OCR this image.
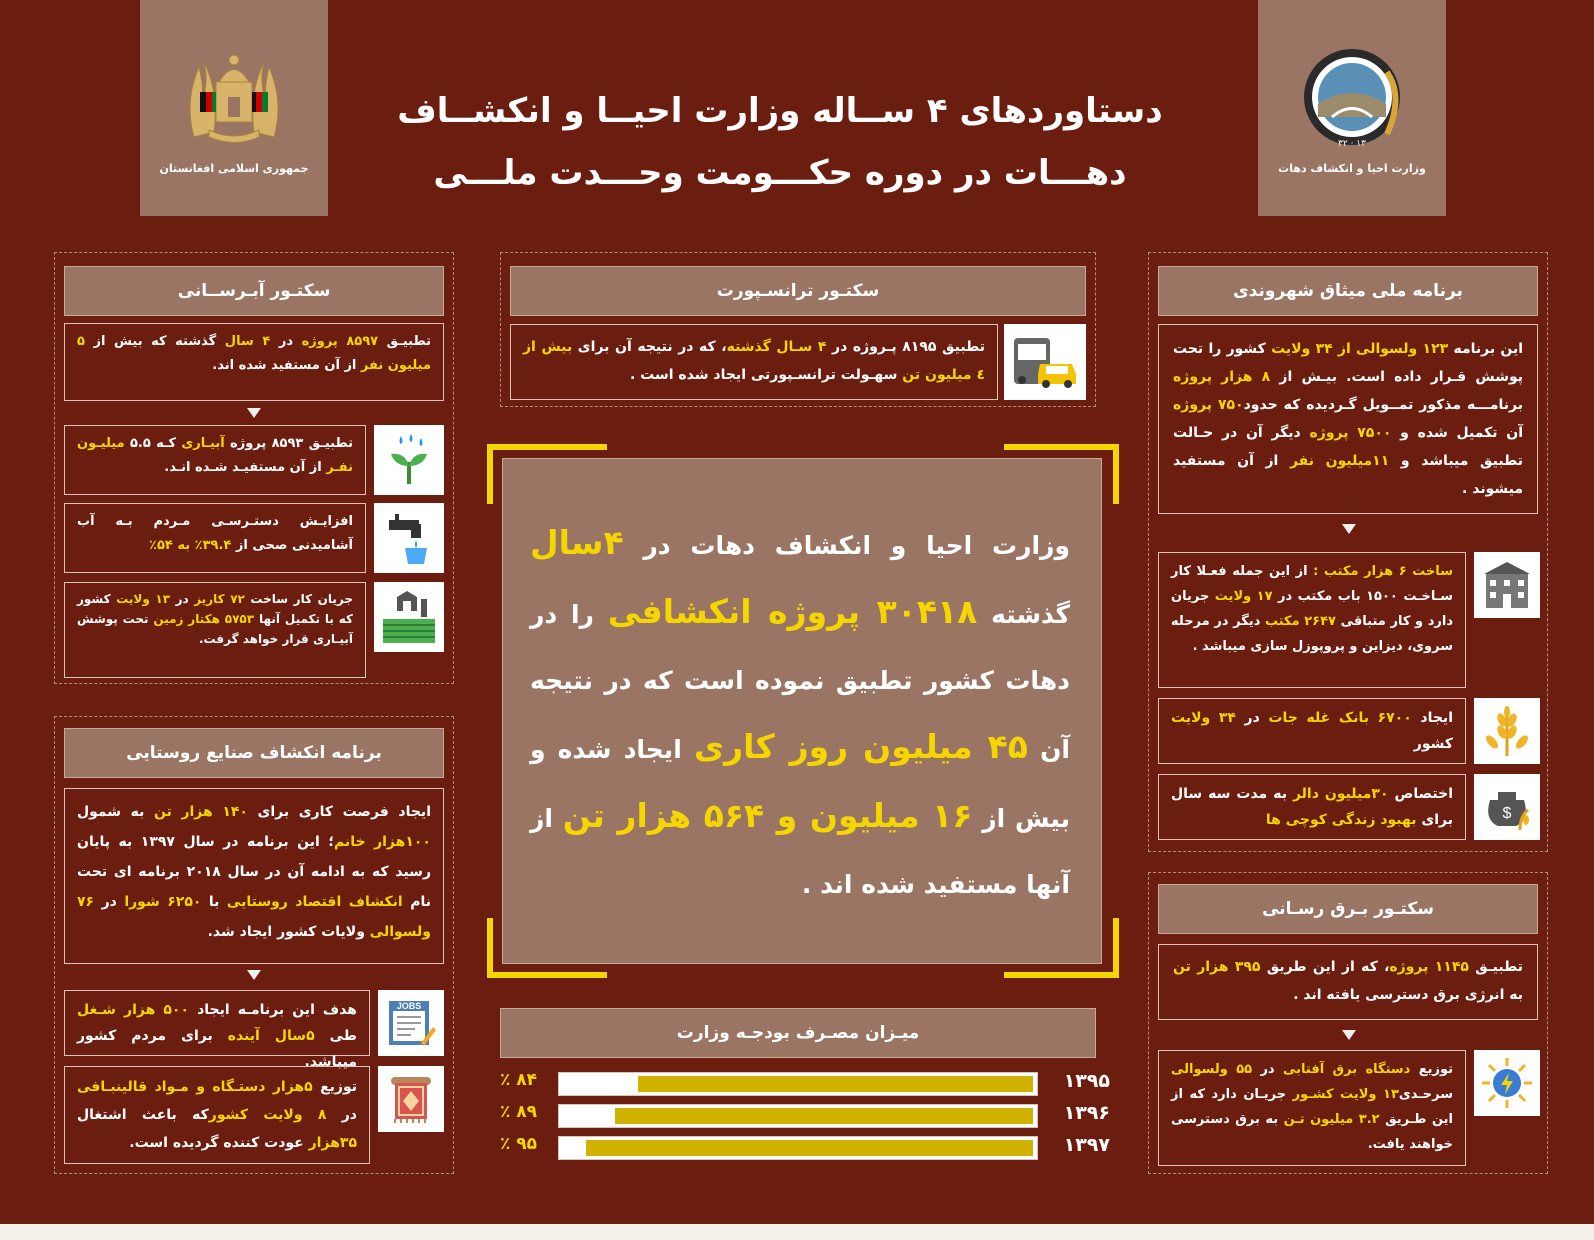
جمهوری اسلامی افغانستان
۱۳ · ۳۲
وزارت احیا و انکشاف دهات
دستاوردهای ۴ ســاله وزارت احیــا و انکشــاف
دهـــات در دوره حکـــومت وحـــدت ملـــی
سکتـور آبـرســانی
تطبیـق ۸۵۹۷ پروژه در ۴ سال گذشته که بیش از ۵ میلیون نفر از آن مستفید شده اند.
تطبیـق ۸۵۹۳ پروژه آبیـاری کـه ۵.۵ میلیـون نفـر از آن مستفیـد شـده انـد.
افزایـش دستـرسـی مـردم بـه آب آشامیدنی صحی از ۳۹.۴٪ به ۵۴٪
جریان کار ساخت ۷۲ کاریز در ۱۳ ولایت کشور که با تکمیل آنها ۵۷۵۳ هکتار زمین تحت پوشش آبیـاری قرار خواهد گرفت.
برنامه انکشاف صنایع روستایی
ایجاد فرصت کاری برای ۱۴۰ هزار تن به شمول ۱۰۰هزار خانم؛ این برنامه در سال ۱۳۹۷ به پایان رسید که به ادامه آن در سال ۲۰۱۸ برنامه ای تحت نام انکشاف اقتصاد روستایی با ۶۲۵۰ شورا در ۷۶ ولسوالی ولایات کشور ایجاد شد.
JOBS
هدف این برنامـه ایجاد ۵۰۰ هزار شـغل طی ۵سال آینده برای مردم کشور میباشد.
توزیع ۵هزار دستـگاه و مـواد قالینبـافی در ۸ ولایت کشورکه باعث اشتغال ۳۵هزار عودت کننده گردیده است.
سکتـور ترانسـپورت
تطبیق ۸۱۹۵ پـروژه در ۴ سـال گذشته، که در نتیجه آن برای بیش از ٤ میلیون تن سهـولت ترانسـپورتی ایجاد شده است .
وزارت احیا و انکشاف دهات در ۴سال گذشته ۳۰۴۱۸ پروژه انکشافی را در دهات کشور تطبیق نموده است که در نتیجه آن ۴۵ میلیون روز کاری ایجاد شده و بیش از ۱۶ میلیون و ۵۶۴ هزار تن از آنها مستفید شده اند .
میـزان مصـرف بودجـه وزارت
۱۳۹۵
٪ ۸۴
۱۳۹۶
٪ ۸۹
۱۳۹۷
٪ ۹۵
برنامه ملی میثاق شهروندی
این برنامه ۱۲۳ ولسوالی از ۳۴ ولایت کشور را تحت پوشش قـرار داده است. بیـش از ۸ هزار پروژه برنامـــه مذکور تمــویل گـردیده که حدود۷۵۰ پروژه آن تکمیل شده و ۷۵۰۰ پروژه دیگر آن در حـالت تطبیق میباشد و ۱۱میلیون نفر از آن مستفید میشوند .
ساخت ۶ هزار مکتب : از این جمله فعـلا کار سـاخـت ۱۵۰۰ باب مکتب در ۱۷ ولایت جریان دارد و کار متباقی ۲۶۴۷ مکتب دیگر در مرحله سروی، دیزاین و پروپوزل سازی میباشد .
ایجاد ۶۷۰۰ بانک غله جات در ۳۴ ولایت کشور
$
اختصاص ۳۰میلیون دالر به مدت سه سال برای بهبود زندگی کوچی ها
سکتـور بـرق رسـانی
تطبیـق ۱۱۴۵ پروژه، که از این طریق ۳۹۵ هزار تن به انرژی برق دسترسی یافته اند .
توزیع دستگاه برق آفتابی در ۵۵ ولسوالی سرحـدی۱۳ ولایت کشـور جریـان دارد که از این طـریق ۳.۲ میلیون تـن به برق دسترسی خواهند یافت.
